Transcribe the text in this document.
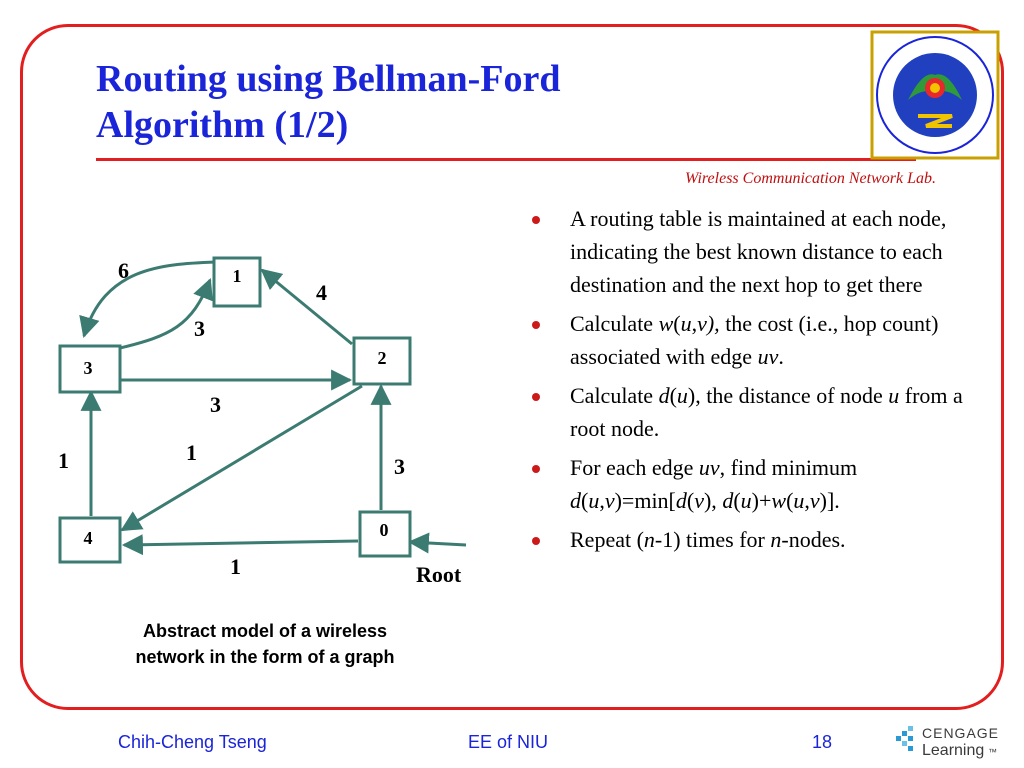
Routing using Bellman-Ford
Algorithm (1/2)
Wireless Communication Network Lab.
1
3	2
4	0
6
3
4
3
1
1	3
1	Root
Abstract model of a wireless
network in the form of a graph
A routing table is maintained at each node, indicating the best known distance to each destination and the next hop to get there
Calculate w(u,v), the cost (i.e., hop count) associated with edge uv.
Calculate d(u), the distance of node u from a root node.
For each edge uv, find minimum d(u,v)=min[d(v), d(u)+w(u,v)].
Repeat (n-1) times for n-nodes.
Chih-Cheng Tseng	EE of NIU	18	CENGAGE
Learning ™
